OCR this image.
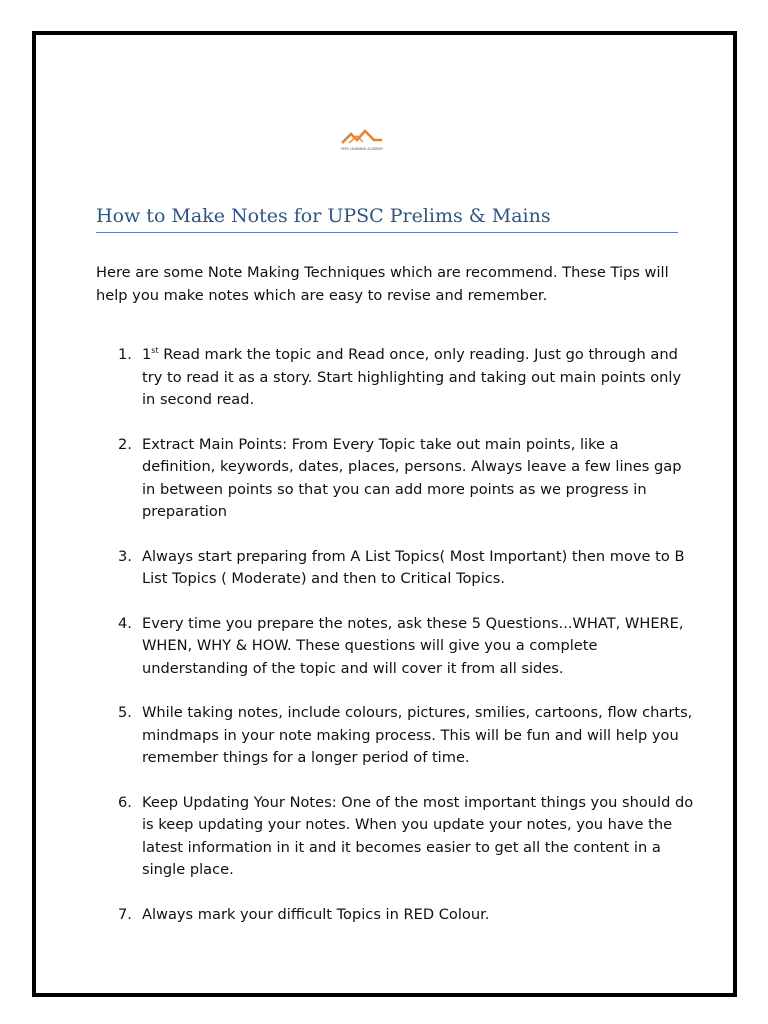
PEPS LEARNING ACADEMY
How to Make Notes for UPSC Prelims & Mains
Here are some Note Making Techniques which are recommend. These Tips will help you make notes which are easy to revise and remember.
1. 1st Read mark the topic and Read once, only reading. Just go through and try to read it as a story. Start highlighting and taking out main points only in second read.
2. Extract Main Points: From Every Topic take out main points, like a definition, keywords, dates, places, persons. Always leave a few lines gap in between points so that you can add more points as we progress in preparation
3. Always start preparing from A List Topics( Most Important) then move to B List Topics ( Moderate) and then to Critical Topics.
4. Every time you prepare the notes, ask these 5 Questions...WHAT, WHERE, WHEN, WHY & HOW. These questions will give you a complete understanding of the topic and will cover it from all sides.
5. While taking notes, include colours, pictures, smilies, cartoons, flow charts, mindmaps in your note making process. This will be fun and will help you remember things for a longer period of time.
6. Keep Updating Your Notes: One of the most important things you should do is keep updating your notes. When you update your notes, you have the latest information in it and it becomes easier to get all the content in a single place.
7. Always mark your difficult Topics in RED Colour.
